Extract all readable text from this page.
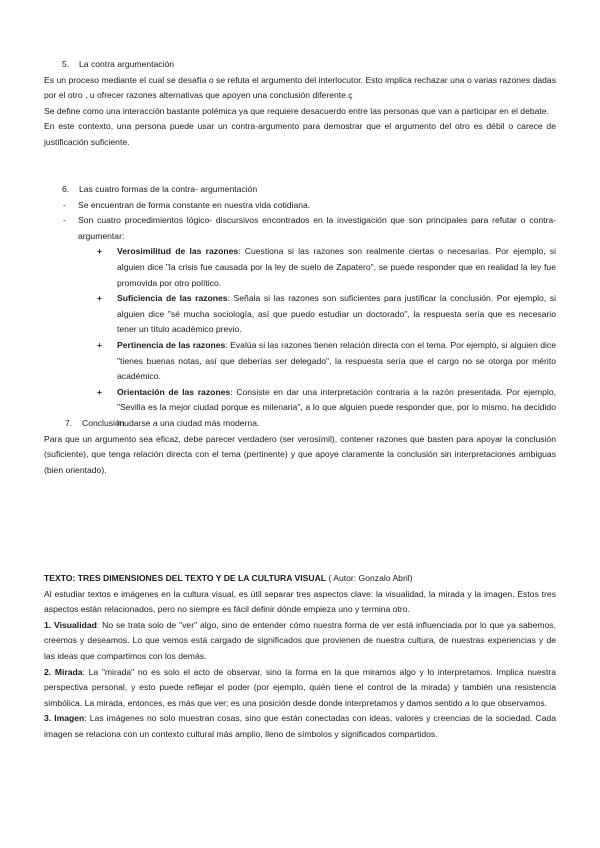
5. La contra argumentación

Es un proceso mediante el cual se desafía o se refuta el argumento del interlocutor. Esto implica rechazar una o varias razones dadas por el otro , u ofrecer razones alternativas que apoyen una conclusión diferente.ç

Se define como una interacción bastante polémica ya que requiere desacuerdo entre las personas que van a participar en el debate.

En este contexto, una persona puede usar un contra-argumento para demostrar que el argumento del otro es débil o carece de justificación suficiente.

6. Las cuatro formas de la contra- argumentación

- Se encuentran de forma constante en nuestra vida cotidiana.

- Son cuatro procedimientos lógico- discursivos encontrados en la investigación que son principales para refutar o contra-argumentar:

+ Verosimilitud de las razones: Cuestiona si las razones son realmente ciertas o necesarias. Por ejemplo, si alguien dice "la crisis fue causada por la ley de suelo de Zapatero", se puede responder que en realidad la ley fue promovida por otro político.

+ Suficiencia de las razones: Señala si las razones son suficientes para justificar la conclusión. Por ejemplo, si alguien dice "sé mucha sociología, así que puedo estudiar un doctorado", la respuesta sería que es necesario tener un título académico previo.

+ Pertinencia de las razones: Evalúa si las razones tienen relación directa con el tema. Por ejemplo, si alguien dice "tienes buenas notas, así que deberías ser delegado", la respuesta sería que el cargo no se otorga por mérito académico.

+ Orientación de las razones: Consiste en dar una interpretación contraria a la razón presentada. Por ejemplo, "Sevilla es la mejor ciudad porque es milenaria", a lo que alguien puede responder que, por lo mismo, ha decidido mudarse a una ciudad más moderna.

7. Conclusión

Para que un argumento sea eficaz, debe parecer verdadero (ser verosímil), contener razones que basten para apoyar la conclusión (suficiente), que tenga relación directa con el tema (pertinente) y que apoye claramente la conclusión sin interpretaciones ambiguas (bien orientado).

TEXTO: TRES DIMENSIONES DEL TEXTO Y DE LA CULTURA VISUAL ( Autor: Gonzalo Abril)

Al estudiar textos e imágenes en la cultura visual, es útil separar tres aspectos clave: la visualidad, la mirada y la imagen. Estos tres aspectos están relacionados, pero no siempre es fácil definir dónde empieza uno y termina otro.

1. Visualidad: No se trata solo de "ver" algo, sino de entender cómo nuestra forma de ver está influenciada por lo que ya sabemos, creemos y deseamos. Lo que vemos está cargado de significados que provienen de nuestra cultura, de nuestras experiencias y de las ideas que compartimos con los demás.

2. Mirada: La "mirada" no es solo el acto de observar, sino la forma en la que miramos algo y lo interpretamos. Implica nuestra perspectiva personal, y esto puede reflejar el poder (por ejemplo, quién tiene el control de la mirada) y también una resistencia simbólica. La mirada, entonces, es más que ver; es una posición desde donde interpretamos y damos sentido a lo que observamos.

3. Imagen: Las imágenes no solo muestran cosas, sino que están conectadas con ideas, valores y creencias de la sociedad. Cada imagen se relaciona con un contexto cultural más amplio, lleno de símbolos y significados compartidos.
